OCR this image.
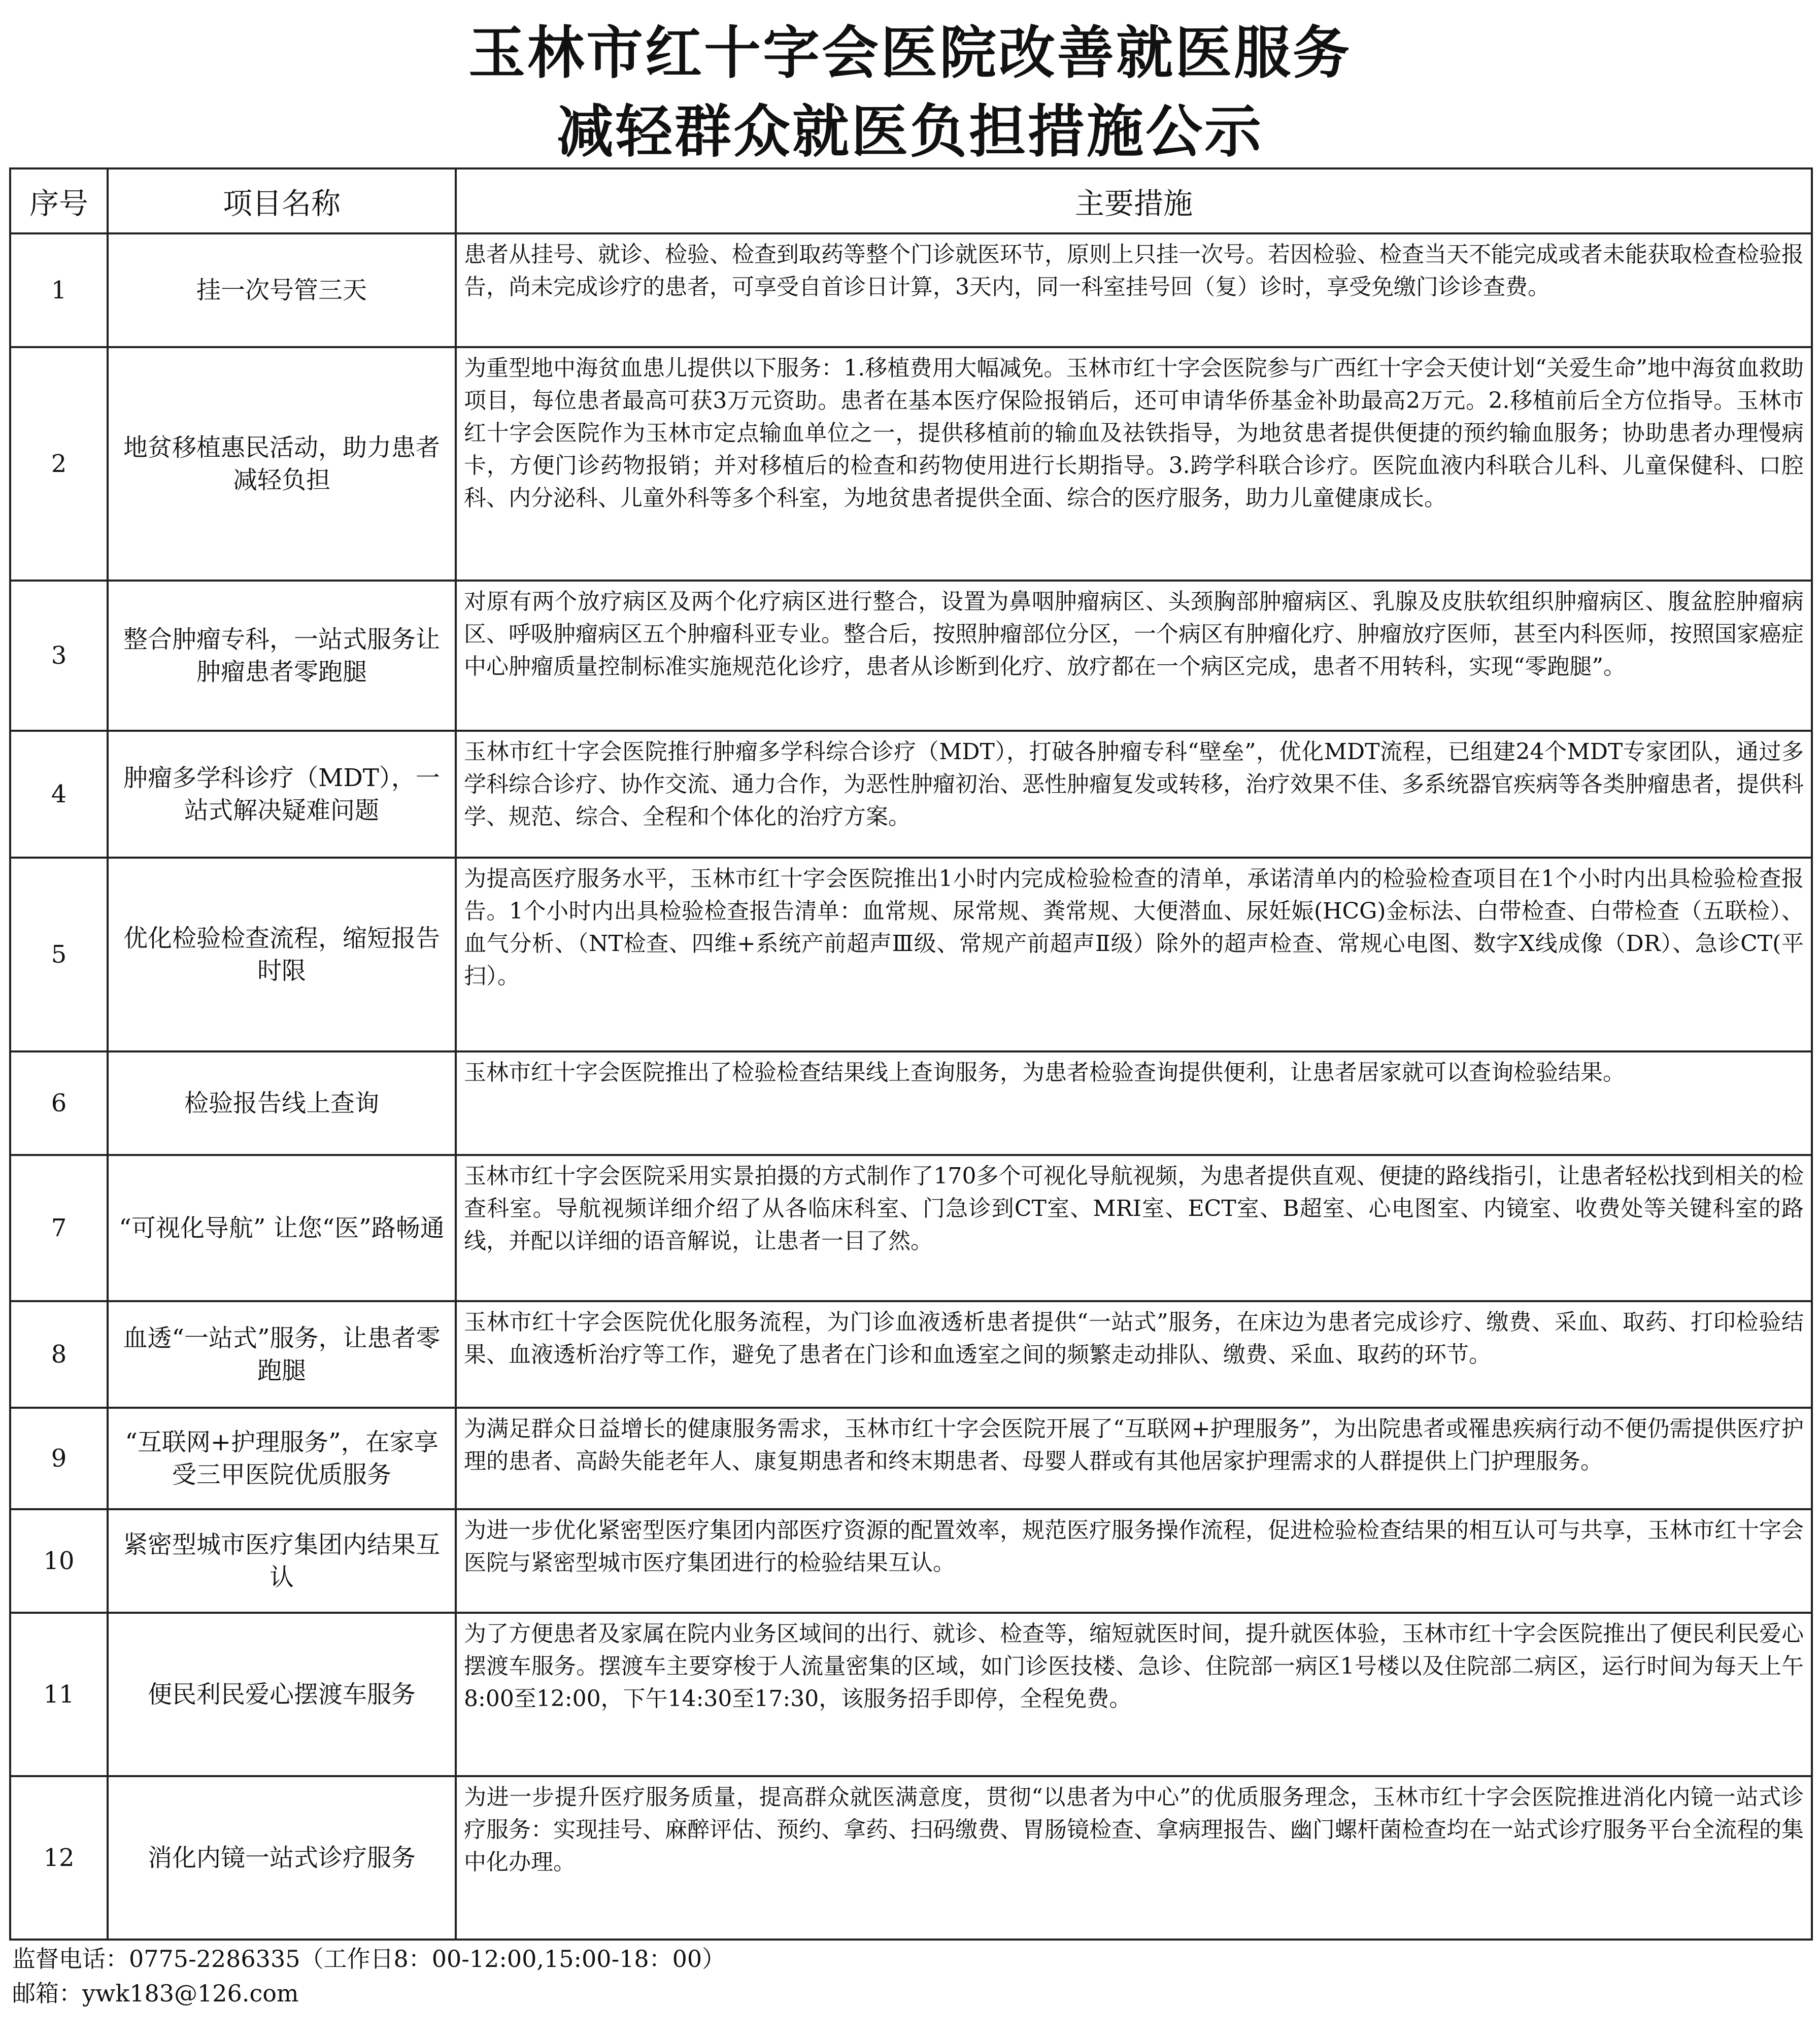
玉林市红十字会医院改善就医服务
减轻群众就医负担措施公示
序号	项目名称	主要措施
1	挂一次号管三天	患者从挂号、就诊、检验、检查到取药等整个门诊就医环节，原则上只挂一次号。若因检验、检查当天不能完成或者未能获取检查检验报告，尚未完成诊疗的患者，可享受自首诊日计算，3天内，同一科室挂号回（复）诊时，享受免缴门诊诊查费。
2	地贫移植惠民活动，助力患者减轻负担	为重型地中海贫血患儿提供以下服务：1.移植费用大幅减免。玉林市红十字会医院参与广西红十字会天使计划“关爱生命”地中海贫血救助项目，每位患者最高可获3万元资助。患者在基本医疗保险报销后，还可申请华侨基金补助最高2万元。2.移植前后全方位指导。玉林市红十字会医院作为玉林市定点输血单位之一，提供移植前的输血及祛铁指导，为地贫患者提供便捷的预约输血服务；协助患者办理慢病卡，方便门诊药物报销；并对移植后的检查和药物使用进行长期指导。3.跨学科联合诊疗。医院血液内科联合儿科、儿童保健科、口腔科、内分泌科、儿童外科等多个科室，为地贫患者提供全面、综合的医疗服务，助力儿童健康成长。
3	整合肿瘤专科，一站式服务让肿瘤患者零跑腿	对原有两个放疗病区及两个化疗病区进行整合，设置为鼻咽肿瘤病区、头颈胸部肿瘤病区、乳腺及皮肤软组织肿瘤病区、腹盆腔肿瘤病区、呼吸肿瘤病区五个肿瘤科亚专业。整合后，按照肿瘤部位分区，一个病区有肿瘤化疗、肿瘤放疗医师，甚至内科医师，按照国家癌症中心肿瘤质量控制标准实施规范化诊疗，患者从诊断到化疗、放疗都在一个病区完成，患者不用转科，实现“零跑腿”。
4	肿瘤多学科诊疗（MDT），一站式解决疑难问题	玉林市红十字会医院推行肿瘤多学科综合诊疗（MDT），打破各肿瘤专科“壁垒”，优化MDT流程，已组建24个MDT专家团队，通过多学科综合诊疗、协作交流、通力合作，为恶性肿瘤初治、恶性肿瘤复发或转移，治疗效果不佳、多系统器官疾病等各类肿瘤患者，提供科学、规范、综合、全程和个体化的治疗方案。
5	优化检验检查流程，缩短报告时限	为提高医疗服务水平，玉林市红十字会医院推出1小时内完成检验检查的清单，承诺清单内的检验检查项目在1个小时内出具检验检查报告。1个小时内出具检验检查报告清单：血常规、尿常规、粪常规、大便潜血、尿妊娠(HCG)金标法、白带检查、白带检查（五联检）、血气分析、（NT检查、四维+系统产前超声Ⅲ级、常规产前超声Ⅱ级）除外的超声检查、常规心电图、数字X线成像（DR）、急诊CT(平扫）。
6	检验报告线上查询	玉林市红十字会医院推出了检验检查结果线上查询服务，为患者检验查询提供便利，让患者居家就可以查询检验结果。
7	“可视化导航” 让您“医”路畅通	玉林市红十字会医院采用实景拍摄的方式制作了170多个可视化导航视频，为患者提供直观、便捷的路线指引，让患者轻松找到相关的检查科室。导航视频详细介绍了从各临床科室、门急诊到CT室、MRI室、ECT室、B超室、心电图室、内镜室、收费处等关键科室的路线，并配以详细的语音解说，让患者一目了然。
8	血透“一站式”服务，让患者零跑腿	玉林市红十字会医院优化服务流程，为门诊血液透析患者提供“一站式”服务，在床边为患者完成诊疗、缴费、采血、取药、打印检验结果、血液透析治疗等工作，避免了患者在门诊和血透室之间的频繁走动排队、缴费、采血、取药的环节。
9	“互联网+护理服务”，在家享受三甲医院优质服务	为满足群众日益增长的健康服务需求，玉林市红十字会医院开展了“互联网+护理服务”，为出院患者或罹患疾病行动不便仍需提供医疗护理的患者、高龄失能老年人、康复期患者和终末期患者、母婴人群或有其他居家护理需求的人群提供上门护理服务。
10	紧密型城市医疗集团内结果互认	为进一步优化紧密型医疗集团内部医疗资源的配置效率，规范医疗服务操作流程，促进检验检查结果的相互认可与共享，玉林市红十字会医院与紧密型城市医疗集团进行的检验结果互认。
11	便民利民爱心摆渡车服务	为了方便患者及家属在院内业务区域间的出行、就诊、检查等，缩短就医时间，提升就医体验，玉林市红十字会医院推出了便民利民爱心摆渡车服务。摆渡车主要穿梭于人流量密集的区域，如门诊医技楼、急诊、住院部一病区1号楼以及住院部二病区，运行时间为每天上午8:00至12:00，下午14:30至17:30，该服务招手即停，全程免费。
12	消化内镜一站式诊疗服务	为进一步提升医疗服务质量，提高群众就医满意度，贯彻“以患者为中心”的优质服务理念，玉林市红十字会医院推进消化内镜一站式诊疗服务：实现挂号、麻醉评估、预约、拿药、扫码缴费、胃肠镜检查、拿病理报告、幽门螺杆菌检查均在一站式诊疗服务平台全流程的集中化办理。
监督电话：0775-2286335（工作日8：00-12:00,15:00-18：00）
邮箱：ywk183@126.com
